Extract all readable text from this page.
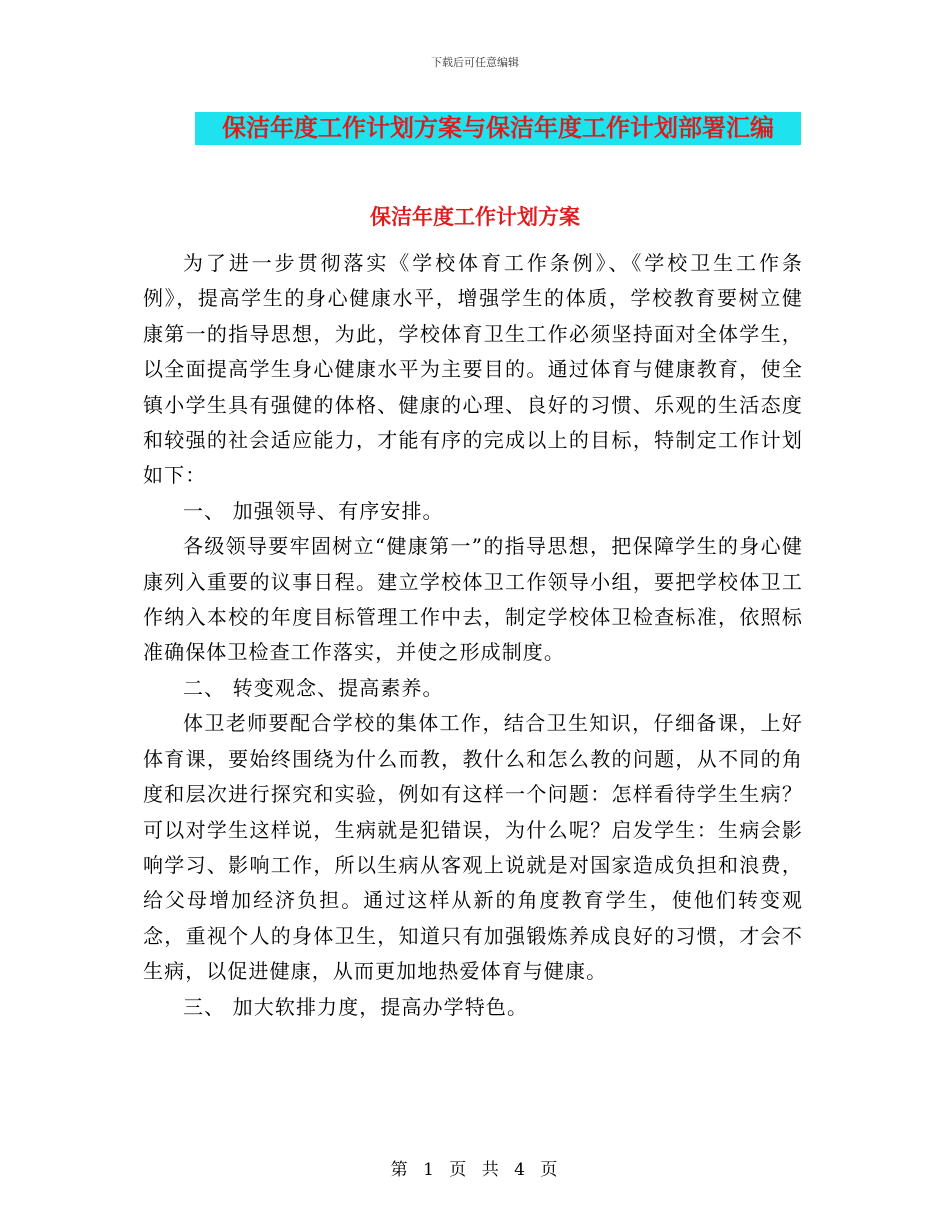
下载后可任意编辑
保洁年度工作计划方案与保洁年度工作计划部署汇编
保洁年度工作计划方案

为了进一步贯彻落实《学校体育工作条例》、《学校卫生工作条例》，提高学生的身心健康水平，增强学生的体质，学校教育要树立健康第一的指导思想，为此，学校体育卫生工作必须坚持面对全体学生，以全面提高学生身心健康水平为主要目的。通过体育与健康教育，使全镇小学生具有强健的体格、健康的心理、良好的习惯、乐观的生活态度和较强的社会适应能力，才能有序的完成以上的目标，特制定工作计划如下：

一、 加强领导、有序安排。

各级领导要牢固树立“健康第一”的指导思想，把保障学生的身心健康列入重要的议事日程。建立学校体卫工作领导小组，要把学校体卫工作纳入本校的年度目标管理工作中去，制定学校体卫检查标准，依照标准确保体卫检查工作落实，并使之形成制度。

二、 转变观念、提高素养。

体卫老师要配合学校的集体工作，结合卫生知识，仔细备课，上好体育课，要始终围绕为什么而教，教什么和怎么教的问题，从不同的角度和层次进行探究和实验，例如有这样一个问题：怎样看待学生生病？可以对学生这样说，生病就是犯错误，为什么呢？启发学生：生病会影响学习、影响工作，所以生病从客观上说就是对国家造成负担和浪费，给父母增加经济负担。通过这样从新的角度教育学生，使他们转变观念，重视个人的身体卫生，知道只有加强锻炼养成良好的习惯，才会不生病，以促进健康，从而更加地热爱体育与健康。

三、 加大软排力度，提高办学特色。

第 1 页 共 4 页
